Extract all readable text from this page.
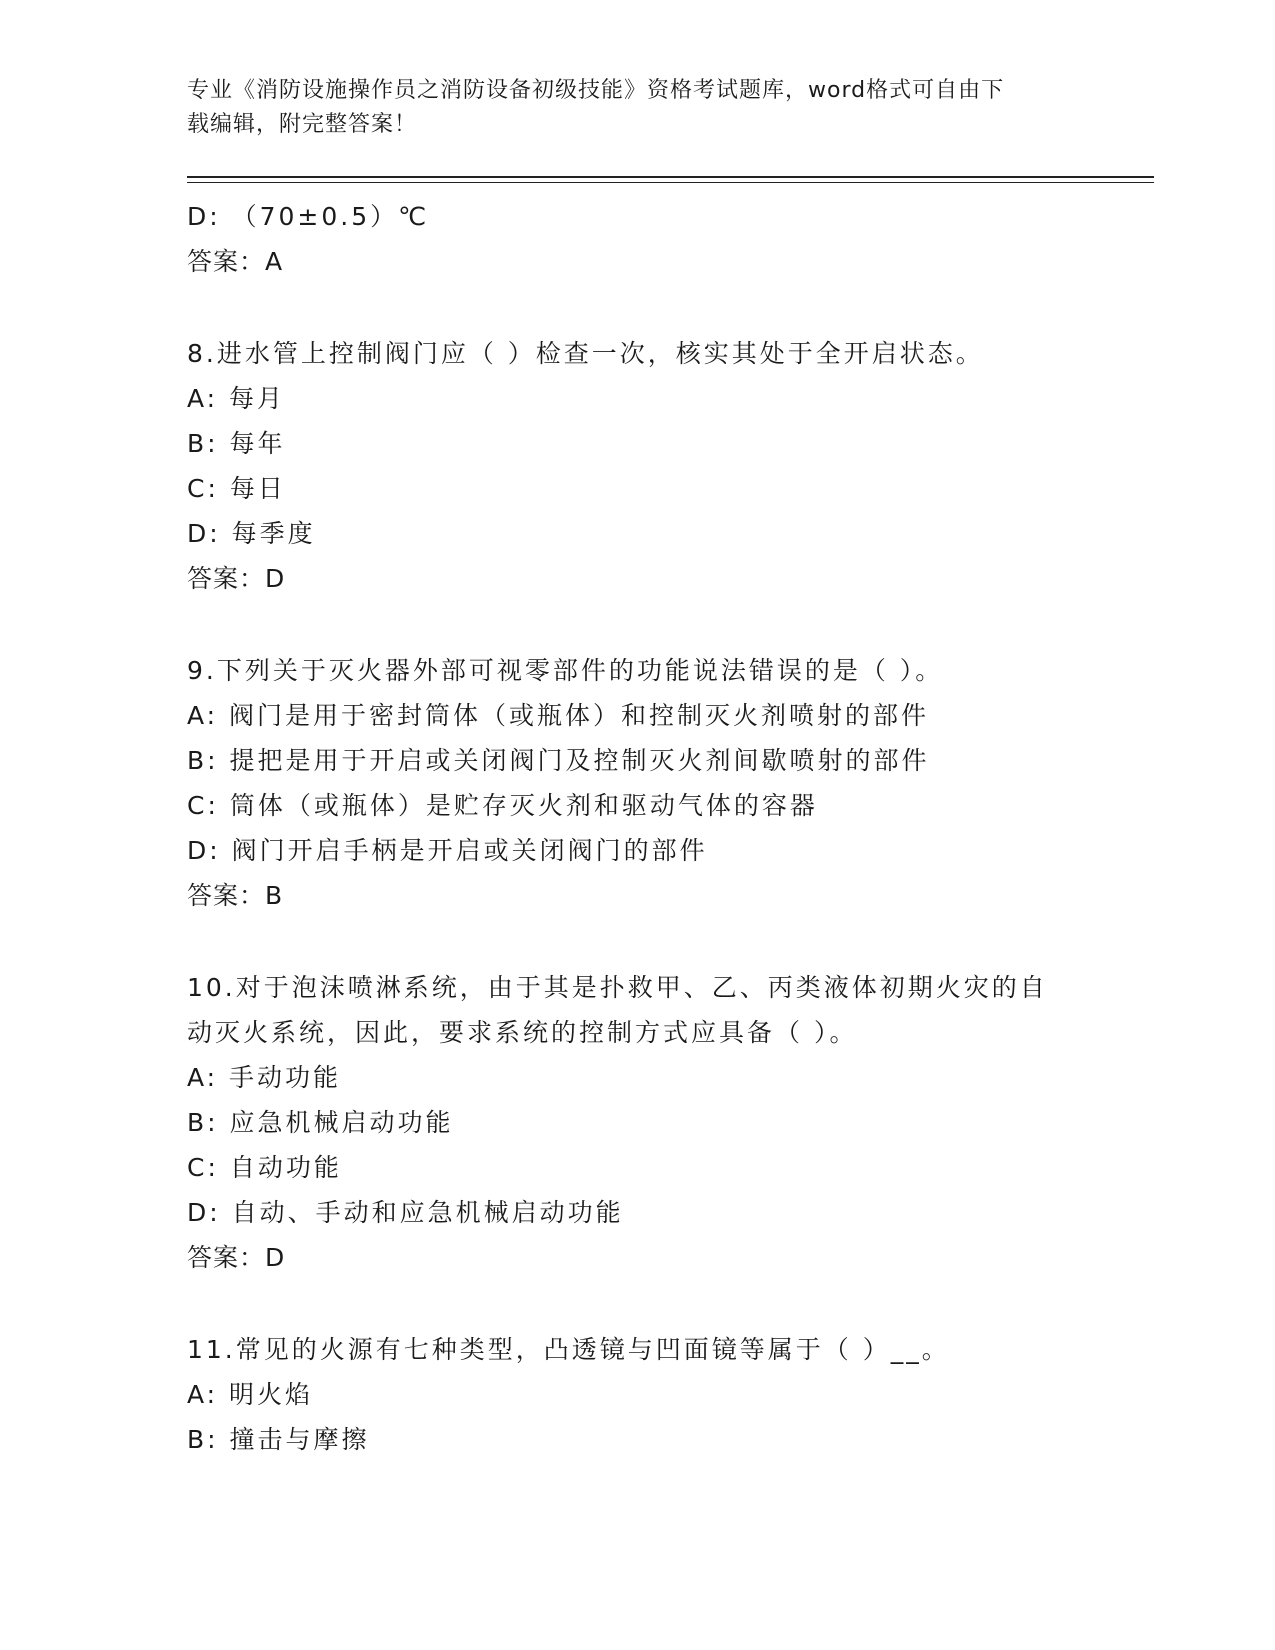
专业《消防设施操作员之消防设备初级技能》资格考试题库，word格式可自由下
载编辑，附完整答案！
D: （70±0.5）℃
答案：A
8.进水管上控制阀门应（ ）检查一次，核实其处于全开启状态。
A: 每月
B: 每年
C: 每日
D: 每季度
答案：D
9.下列关于灭火器外部可视零部件的功能说法错误的是（ ）。
A: 阀门是用于密封筒体（或瓶体）和控制灭火剂喷射的部件
B: 提把是用于开启或关闭阀门及控制灭火剂间歇喷射的部件
C: 筒体（或瓶体）是贮存灭火剂和驱动气体的容器
D: 阀门开启手柄是开启或关闭阀门的部件
答案：B
10.对于泡沫喷淋系统，由于其是扑救甲、乙、丙类液体初期火灾的自
动灭火系统，因此，要求系统的控制方式应具备（ ）。
A: 手动功能
B: 应急机械启动功能
C: 自动功能
D: 自动、手动和应急机械启动功能
答案：D
11.常见的火源有七种类型，凸透镜与凹面镜等属于（ ）__。
A: 明火焰
B: 撞击与摩擦
